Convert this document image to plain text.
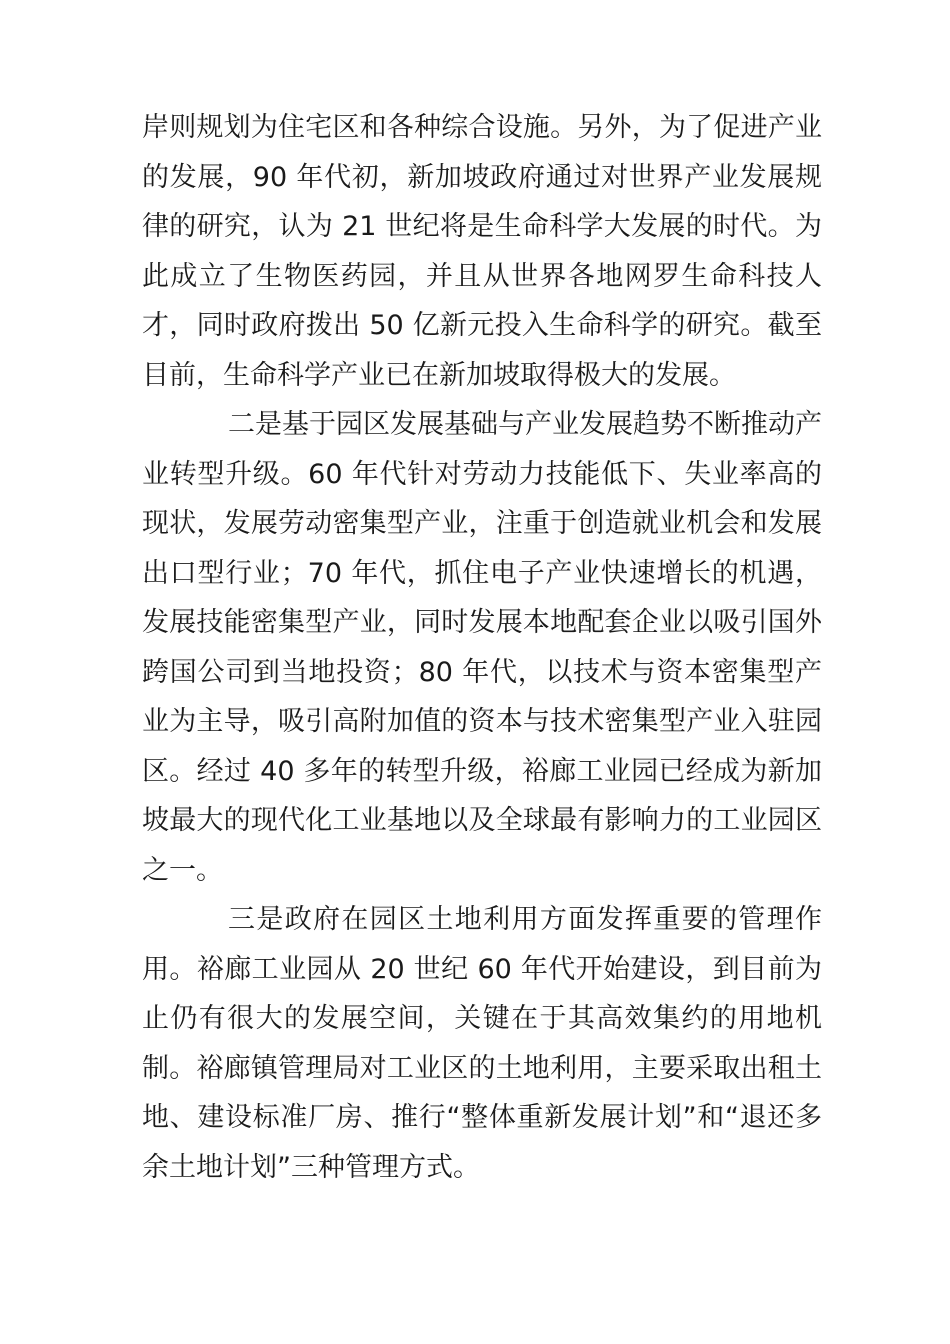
岸则规划为住宅区和各种综合设施。另外，为了促进产业的发展，90 年代初，新加坡政府通过对世界产业发展规律的研究，认为 21 世纪将是生命科学大发展的时代。为此成立了生物医药园，并且从世界各地网罗生命科技人才，同时政府拨出 50 亿新元投入生命科学的研究。截至目前，生命科学产业已在新加坡取得极大的发展。

二是基于园区发展基础与产业发展趋势不断推动产业转型升级。60 年代针对劳动力技能低下、失业率高的现状，发展劳动密集型产业，注重于创造就业机会和发展出口型行业；70 年代，抓住电子产业快速增长的机遇，发展技能密集型产业，同时发展本地配套企业以吸引国外跨国公司到当地投资；80 年代，以技术与资本密集型产业为主导，吸引高附加值的资本与技术密集型产业入驻园区。经过 40 多年的转型升级，裕廊工业园已经成为新加坡最大的现代化工业基地以及全球最有影响力的工业园区之一。

三是政府在园区土地利用方面发挥重要的管理作用。裕廊工业园从 20 世纪 60 年代开始建设，到目前为止仍有很大的发展空间，关键在于其高效集约的用地机制。裕廊镇管理局对工业区的土地利用，主要采取出租土地、建设标准厂房、推行“整体重新发展计划”和“退还多余土地计划”三种管理方式。
